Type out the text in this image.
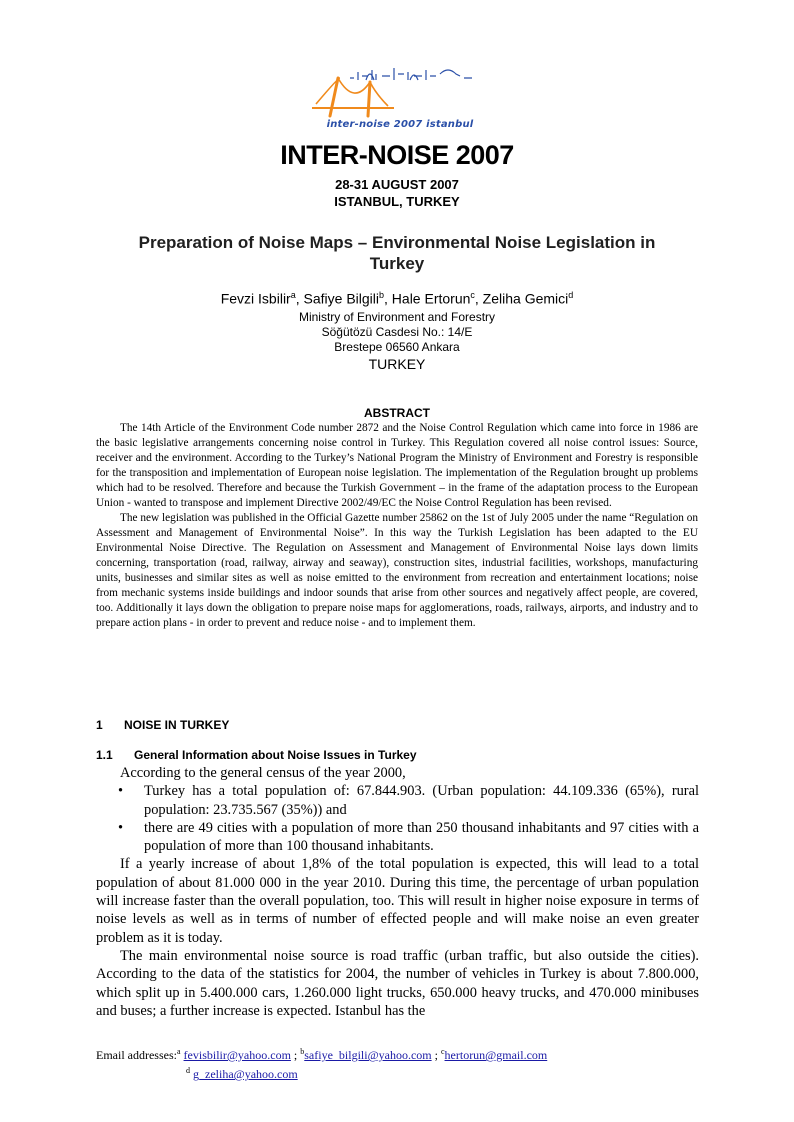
inter-noise 2007 istanbul
INTER-NOISE 2007
28-31 AUGUST 2007
ISTANBUL, TURKEY
Preparation of Noise Maps – Environmental Noise Legislation in Turkey
Fevzi Isbilir$^a$, Safiye Bilgili$^b$, Hale Ertorun$^c$, Zeliha Gemici$^d$
Ministry of Environment and Forestry
Söğütözü Casdesi No.: 14/E
Brestepe 06560 Ankara
TURKEY
ABSTRACT

The 14th Article of the Environment Code number 2872 and the Noise Control Regulation which came into force in 1986 are the basic legislative arrangements concerning noise control in Turkey. This Regulation covered all noise control issues: Source, receiver and the environment. According to the Turkey’s National Program the Ministry of Environment and Forestry is responsible for the transposition and implementation of European noise legislation. The implementation of the Regulation brought up problems which had to be resolved. Therefore and because the Turkish Government – in the frame of the adaptation process to the European Union - wanted to transpose and implement Directive 2002/49/EC the Noise Control Regulation has been revised.

The new legislation was published in the Official Gazette number 25862 on the 1st of July 2005 under the name “Regulation on Assessment and Management of Environmental Noise”. In this way the Turkish Legislation has been adapted to the EU Environmental Noise Directive. The Regulation on Assessment and Management of Environmental Noise lays down limits concerning, transportation (road, railway, airway and seaway), construction sites, industrial facilities, workshops, manufacturing units, businesses and similar sites as well as noise emitted to the environment from recreation and entertainment locations; noise from mechanic systems inside buildings and indoor sounds that arise from other sources and negatively affect people, are covered, too. Additionally it lays down the obligation to prepare noise maps for agglomerations, roads, railways, airports, and industry and to prepare action plans - in order to prevent and reduce noise - and to implement them.

1 NOISE IN TURKEY
1.1 General Information about Noise Issues in Turkey

According to the general census of the year 2000,

• Turkey has a total population of: 67.844.903. (Urban population: 44.109.336 (65%), rural population: 23.735.567 (35%)) and
• there are 49 cities with a population of more than 250 thousand inhabitants and 97 cities with a population of more than 100 thousand inhabitants.

If a yearly increase of about 1,8% of the total population is expected, this will lead to a total population of about 81.000 000 in the year 2010. During this time, the percentage of urban population will increase faster than the overall population, too. This will result in higher noise exposure in terms of noise levels as well as in terms of number of effected people and will make noise an even greater problem as it is today.

The main environmental noise source is road traffic (urban traffic, but also outside the cities). According to the data of the statistics for 2004, the number of vehicles in Turkey is about 7.800.000, which split up in 5.400.000 cars, 1.260.000 light trucks, 650.000 heavy trucks, and 470.000 minibuses and buses; a further increase is expected. Istanbul has the

Email addresses:$^a$ fevisbilir@yahoo.com ; $^b$safiye_bilgili@yahoo.com ; $^c$hertorun@gmail.com
$^d$ g_zeliha@yahoo.com
